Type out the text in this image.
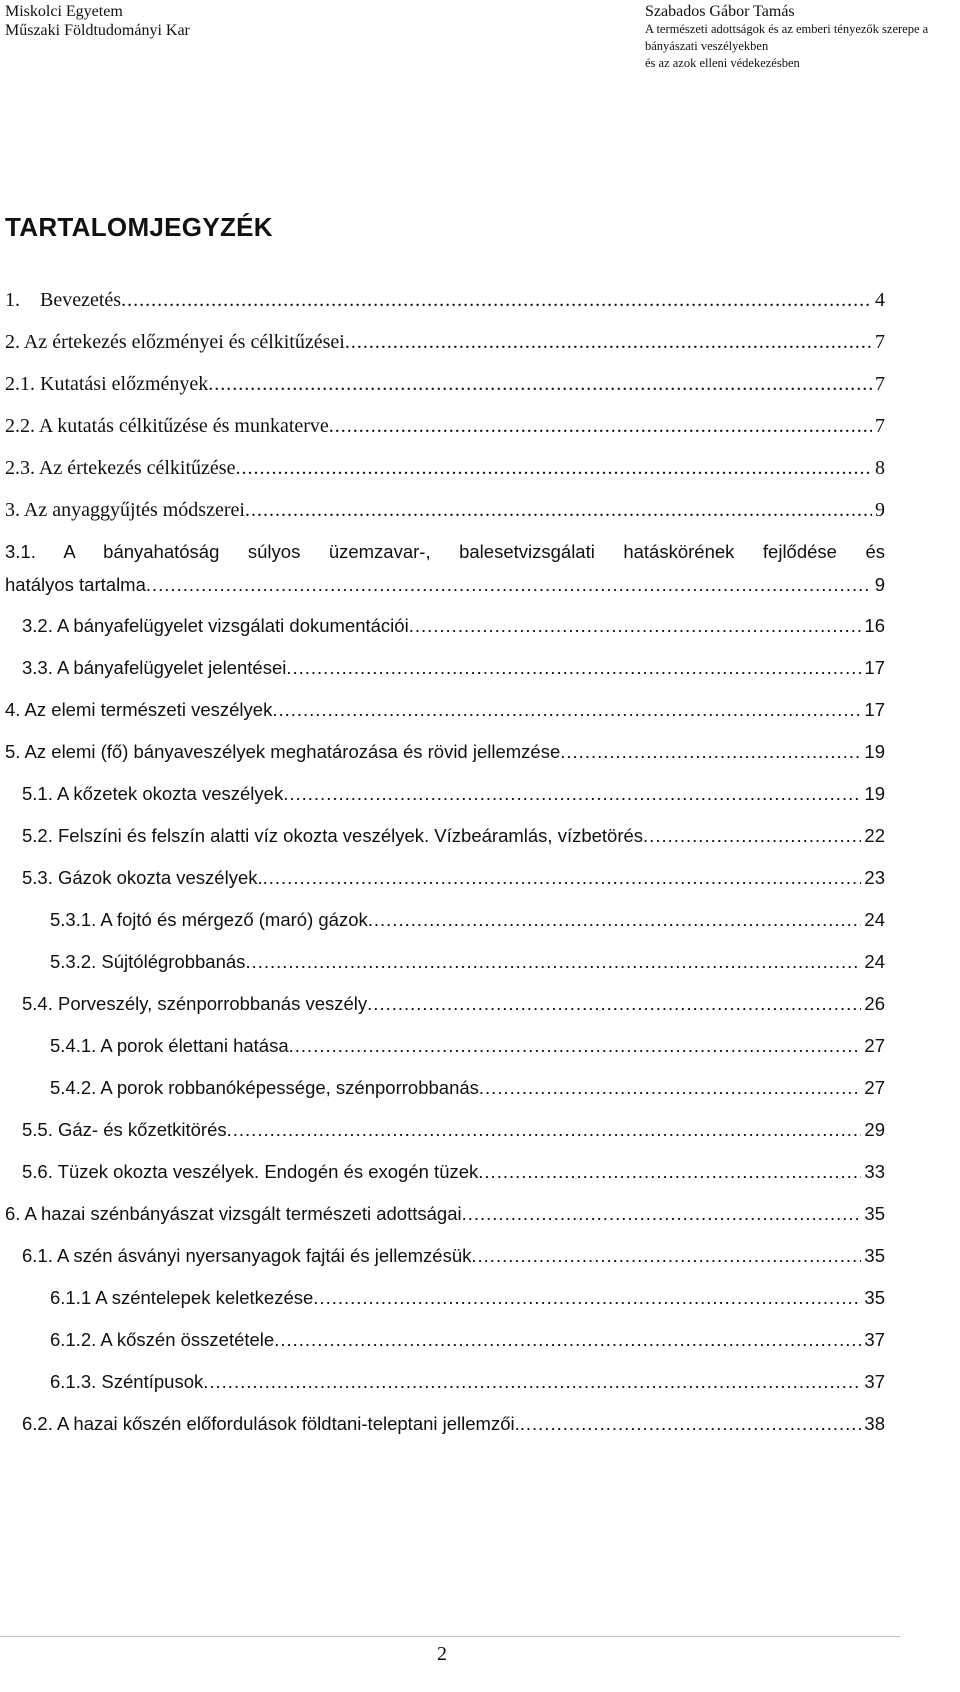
Miskolci Egyetem
Műszaki Földtudományi Kar
Szabados Gábor Tamás
A természeti adottságok és az emberi tényezők szerepe a bányászati veszélyekben
és az azok elleni védekezésben
TARTALOMJEGYZÉK
1.    Bevezetés .....	4
2. Az értekezés előzményei és célkitűzései .....	7
2.1. Kutatási előzmények .....	7
2.2. A kutatás célkitűzése és munkaterve .....	7
2.3. Az értekezés célkitűzése .....	8
3. Az anyaggyűjtés módszerei .....	9
3.1. A bányahatóság súlyos üzemzavar-, balesetvizsgálati hatáskörének fejlődése és
hatályos tartalma .....	9
3.2. A bányafelügyelet vizsgálati dokumentációi .....	16
3.3. A bányafelügyelet jelentései .....	17
4. Az elemi természeti veszélyek .....	17
5. Az elemi (fő) bányaveszélyek meghatározása és rövid jellemzése .....	19
5.1. A kőzetek okozta veszélyek .....	19
5.2. Felszíni és felszín alatti víz okozta veszélyek. Vízbeáramlás, vízbetörés .....	22
5.3. Gázok okozta veszélyek. .....	23
5.3.1. A fojtó és mérgező (maró) gázok .....	24
5.3.2. Sújtólégrobbanás .....	24
5.4. Porveszély, szénporrobbanás veszély .....	26
5.4.1. A porok élettani hatása .....	27
5.4.2. A porok robbanóképessége, szénporrobbanás .....	27
5.5. Gáz- és kőzetkitörés .....	29
5.6. Tüzek okozta veszélyek. Endogén és exogén tüzek .....	33
6. A hazai szénbányászat vizsgált természeti adottságai .....	35
6.1. A szén ásványi nyersanyagok fajtái és jellemzésük .....	35
6.1.1 A széntelepek keletkezése .....	35
6.1.2. A kőszén összetétele .....	37
6.1.3. Széntípusok .....	37
6.2. A hazai kőszén előfordulások földtani-teleptani jellemzői. .....	38
2
